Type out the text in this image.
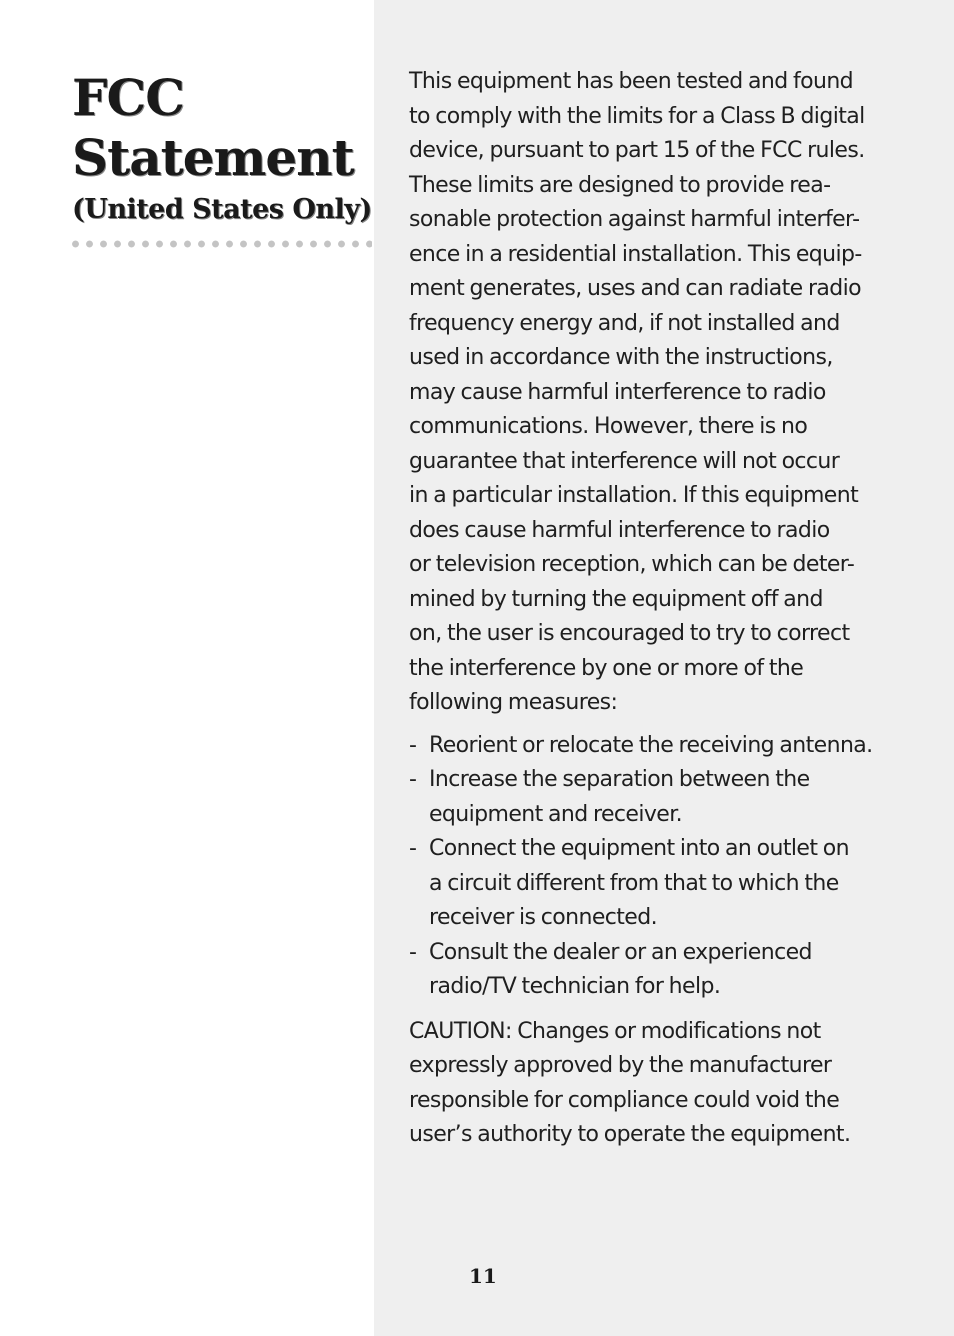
FCC
Statement
(United States Only)

This equipment has been tested and found
to comply with the limits for a Class B digital
device, pursuant to part 15 of the FCC rules.
These limits are designed to provide rea-
sonable protection against harmful interfer-
ence in a residential installation. This equip-
ment generates, uses and can radiate radio
frequency energy and, if not installed and
used in accordance with the instructions,
may cause harmful interference to radio
communications. However, there is no
guarantee that interference will not occur
in a particular installation. If this equipment
does cause harmful interference to radio
or television reception, which can be deter-
mined by turning the equipment off and
on, the user is encouraged to try to correct
the interference by one or more of the
following measures:

- Reorient or relocate the receiving antenna.
- Increase the separation between the
equipment and receiver.
- Connect the equipment into an outlet on
a circuit different from that to which the
receiver is connected.
- Consult the dealer or an experienced
radio/TV technician for help.

CAUTION: Changes or modifications not
expressly approved by the manufacturer
responsible for compliance could void the
user’s authority to operate the equipment.

11
